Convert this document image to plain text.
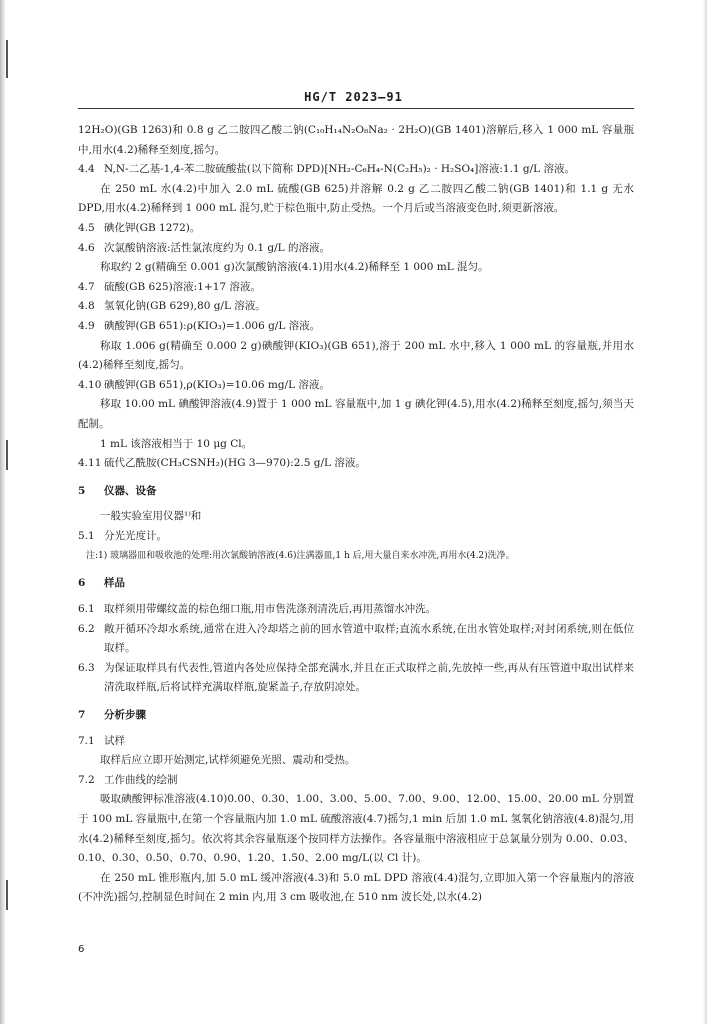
HG/T 2023—91

12H₂O)(GB 1263)和 0.8 g 乙二胺四乙酸二钠(C₁₀H₁₄N₂O₈Na₂ · 2H₂O)(GB 1401)溶解后,移入 1 000 mL 容量瓶中,用水(4.2)稀释至刻度,摇匀。

4.4 N,N-二乙基-1,4-苯二胺硫酸盐(以下简称 DPD)[NH₂-C₆H₄-N(C₂H₅)₂ · H₂SO₄]溶液:1.1 g/L 溶液。

在 250 mL 水(4.2)中加入 2.0 mL 硫酸(GB 625)并溶解 0.2 g 乙二胺四乙酸二钠(GB 1401)和 1.1 g 无水 DPD,用水(4.2)稀释到 1 000 mL 混匀,贮于棕色瓶中,防止受热。一个月后或当溶液变色时,须更新溶液。

4.5 碘化钾(GB 1272)。

4.6 次氯酸钠溶液:活性氯浓度约为 0.1 g/L 的溶液。

称取约 2 g(精确至 0.001 g)次氯酸钠溶液(4.1)用水(4.2)稀释至 1 000 mL 混匀。

4.7 硫酸(GB 625)溶液:1+17 溶液。

4.8 氢氧化钠(GB 629),80 g/L 溶液。

4.9 碘酸钾(GB 651):ρ(KIO₃)=1.006 g/L 溶液。

称取 1.006 g(精确至 0.000 2 g)碘酸钾(KIO₃)(GB 651),溶于 200 mL 水中,移入 1 000 mL 的容量瓶,并用水(4.2)稀释至刻度,摇匀。

4.10 碘酸钾(GB 651),ρ(KIO₃)=10.06 mg/L 溶液。

移取 10.00 mL 碘酸钾溶液(4.9)置于 1 000 mL 容量瓶中,加 1 g 碘化钾(4.5),用水(4.2)稀释至刻度,摇匀,须当天配制。

1 mL 该溶液相当于 10 μg Cl。

4.11 硫代乙酰胺(CH₃CSNH₂)(HG 3—970):2.5 g/L 溶液。

5 仪器、设备

一般实验室用仪器¹⁾和

5.1 分光光度计。

注:1) 玻璃器皿和吸收池的处理:用次氯酸钠溶液(4.6)注满器皿,1 h 后,用大量自来水冲洗,再用水(4.2)洗净。

6 样品

6.1 取样须用带螺纹盖的棕色细口瓶,用市售洗涤剂清洗后,再用蒸馏水冲洗。

6.2 敞开循环冷却水系统,通常在进入冷却塔之前的回水管道中取样;直流水系统,在出水管处取样;对封闭系统,则在低位取样。

6.3 为保证取样具有代表性,管道内各处应保持全部充满水,并且在正式取样之前,先放掉一些,再从有压管道中取出试样来清洗取样瓶,后将试样充满取样瓶,旋紧盖子,存放阴凉处。

7 分析步骤

7.1 试样

取样后应立即开始测定,试样须避免光照、震动和受热。

7.2 工作曲线的绘制

吸取碘酸钾标准溶液(4.10)0.00、0.30、1.00、3.00、5.00、7.00、9.00、12.00、15.00、20.00 mL 分别置于 100 mL 容量瓶中,在第一个容量瓶内加 1.0 mL 硫酸溶液(4.7)摇匀,1 min 后加 1.0 mL 氢氧化钠溶液(4.8)混匀,用水(4.2)稀释至刻度,摇匀。依次将其余容量瓶逐个按同样方法操作。各容量瓶中溶液相应于总氯量分别为 0.00、0.03、0.10、0.30、0.50、0.70、0.90、1.20、1.50、2.00 mg/L(以 Cl 计)。

在 250 mL 锥形瓶内,加 5.0 mL 缓冲溶液(4.3)和 5.0 mL DPD 溶液(4.4)混匀,立即加入第一个容量瓶内的溶液(不冲洗)摇匀,控制显色时间在 2 min 内,用 3 cm 吸收池,在 510 nm 波长处,以水(4.2)

6
